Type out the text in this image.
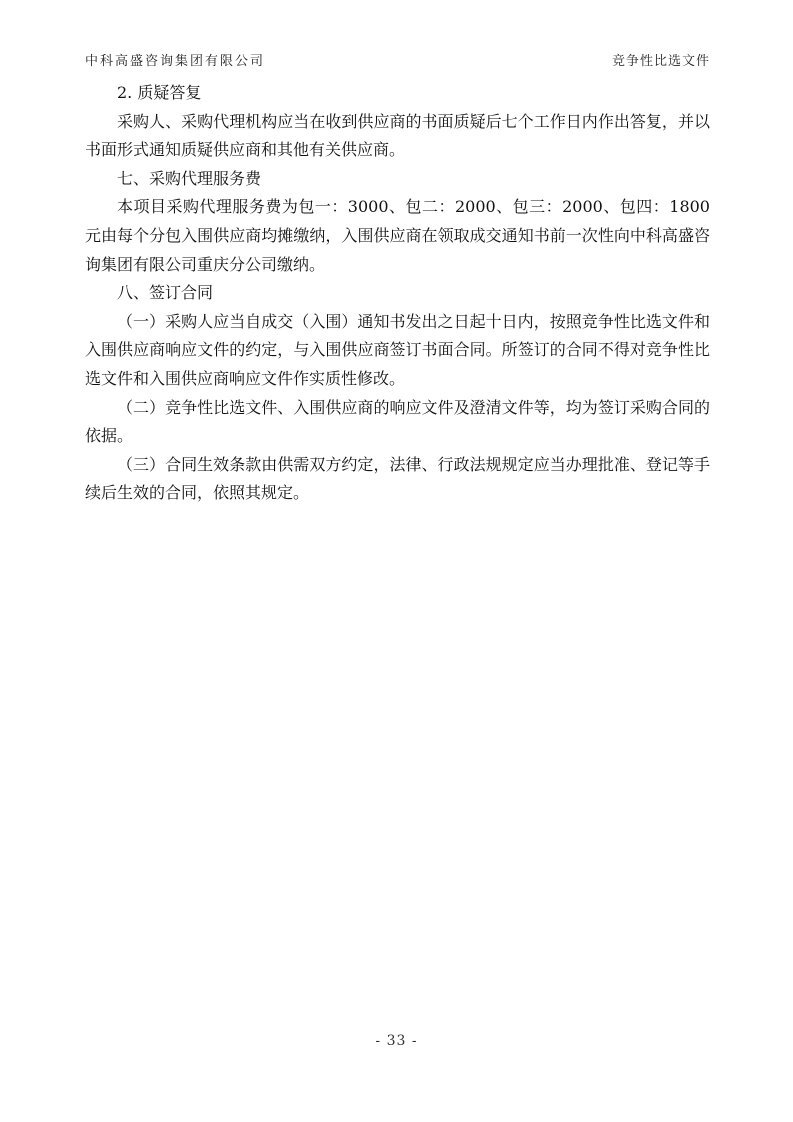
中科高盛咨询集团有限公司	竞争性比选文件

2. 质疑答复

采购人、采购代理机构应当在收到供应商的书面质疑后七个工作日内作出答复，并以书面形式通知质疑供应商和其他有关供应商。

七、采购代理服务费

本项目采购代理服务费为包一：3000、包二：2000、包三：2000、包四：1800 元由每个分包入围供应商均摊缴纳，入围供应商在领取成交通知书前一次性向中科高盛咨询集团有限公司重庆分公司缴纳。

八、签订合同

（一）采购人应当自成交（入围）通知书发出之日起十日内，按照竞争性比选文件和入围供应商响应文件的约定，与入围供应商签订书面合同。所签订的合同不得对竞争性比选文件和入围供应商响应文件作实质性修改。

（二）竞争性比选文件、入围供应商的响应文件及澄清文件等，均为签订采购合同的依据。

（三）合同生效条款由供需双方约定，法律、行政法规规定应当办理批准、登记等手续后生效的合同，依照其规定。

- 33 -
